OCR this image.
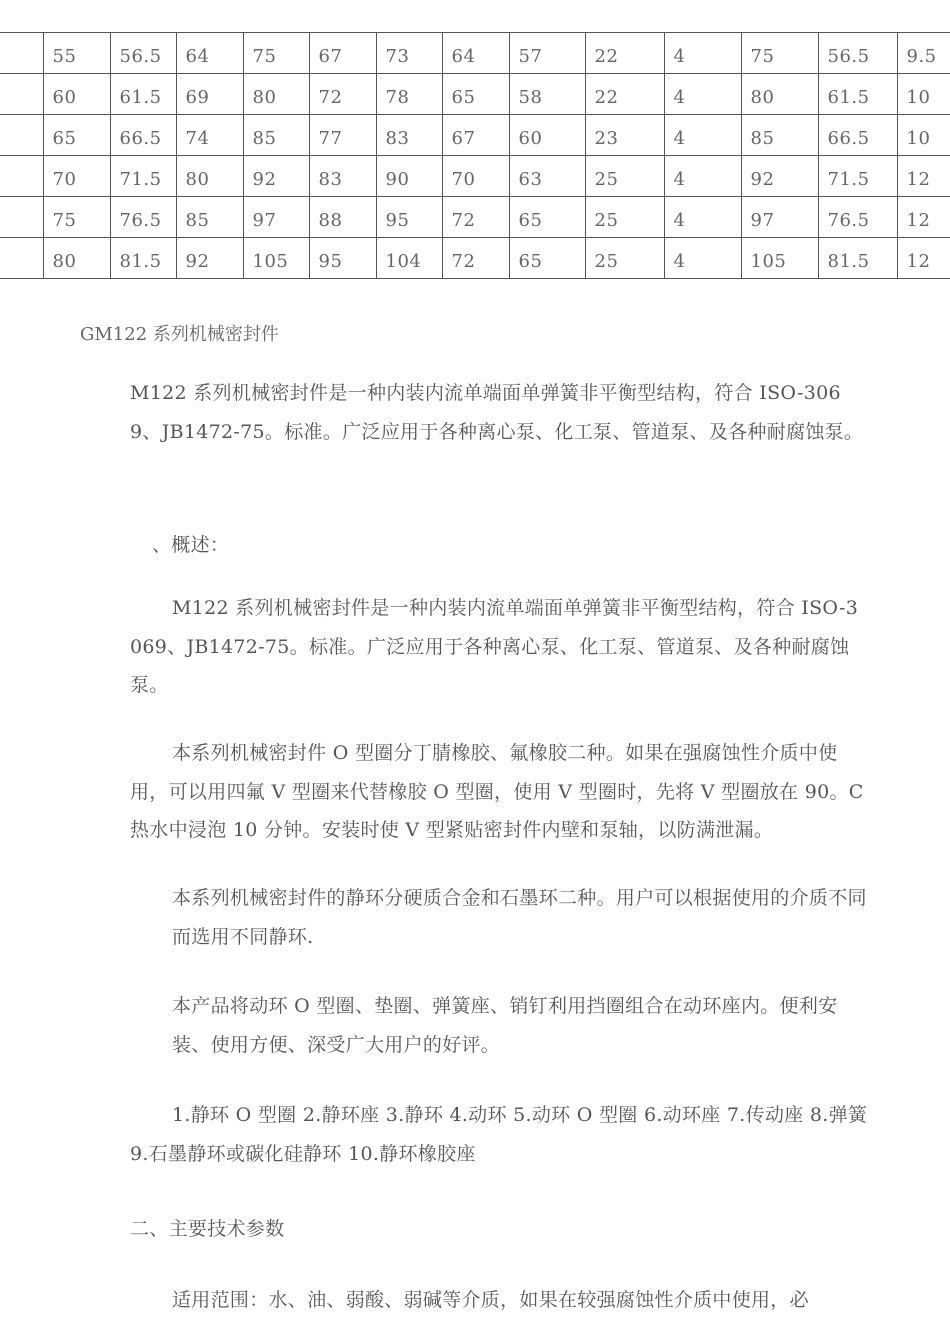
	55	56.5	64	75	67	73	64	57	22	4	75	56.5	9.5
	60	61.5	69	80	72	78	65	58	22	4	80	61.5	10
	65	66.5	74	85	77	83	67	60	23	4	85	66.5	10
	70	71.5	80	92	83	90	70	63	25	4	92	71.5	12
	75	76.5	85	97	88	95	72	65	25	4	97	76.5	12
	80	81.5	92	105	95	104	72	65	25	4	105	81.5	12
GM122 系列机械密封件

M122 系列机械密封件是一种内装内流单端面单弹簧非平衡型结构，符合 ISO-3069、JB1472-75。标准。广泛应用于各种离心泵、化工泵、管道泵、及各种耐腐蚀泵。

、概述：

M122 系列机械密封件是一种内装内流单端面单弹簧非平衡型结构，符合 ISO-3069、JB1472-75。标准。广泛应用于各种离心泵、化工泵、管道泵、及各种耐腐蚀泵。

本系列机械密封件 O 型圈分丁腈橡胶、氟橡胶二种。如果在强腐蚀性介质中使用，可以用四氟 V 型圈来代替橡胶 O 型圈，使用 V 型圈时，先将 V 型圈放在 90。C 热水中浸泡 10 分钟。安装时使 V 型紧贴密封件内壁和泵轴，以防满泄漏。

本系列机械密封件的静环分硬质合金和石墨环二种。用户可以根据使用的介质不同而选用不同静环.

本产品将动环 O 型圈、垫圈、弹簧座、销钉利用挡圈组合在动环座内。便利安装、使用方便、深受广大用户的好评。

1.静环 O 型圈 2.静环座 3.静环 4.动环 5.动环 O 型圈 6.动环座 7.传动座 8.弹簧 9.石墨静环或碳化硅静环 10.静环橡胶座

二、主要技术参数

适用范围：水、油、弱酸、弱碱等介质，如果在较强腐蚀性介质中使用，必
